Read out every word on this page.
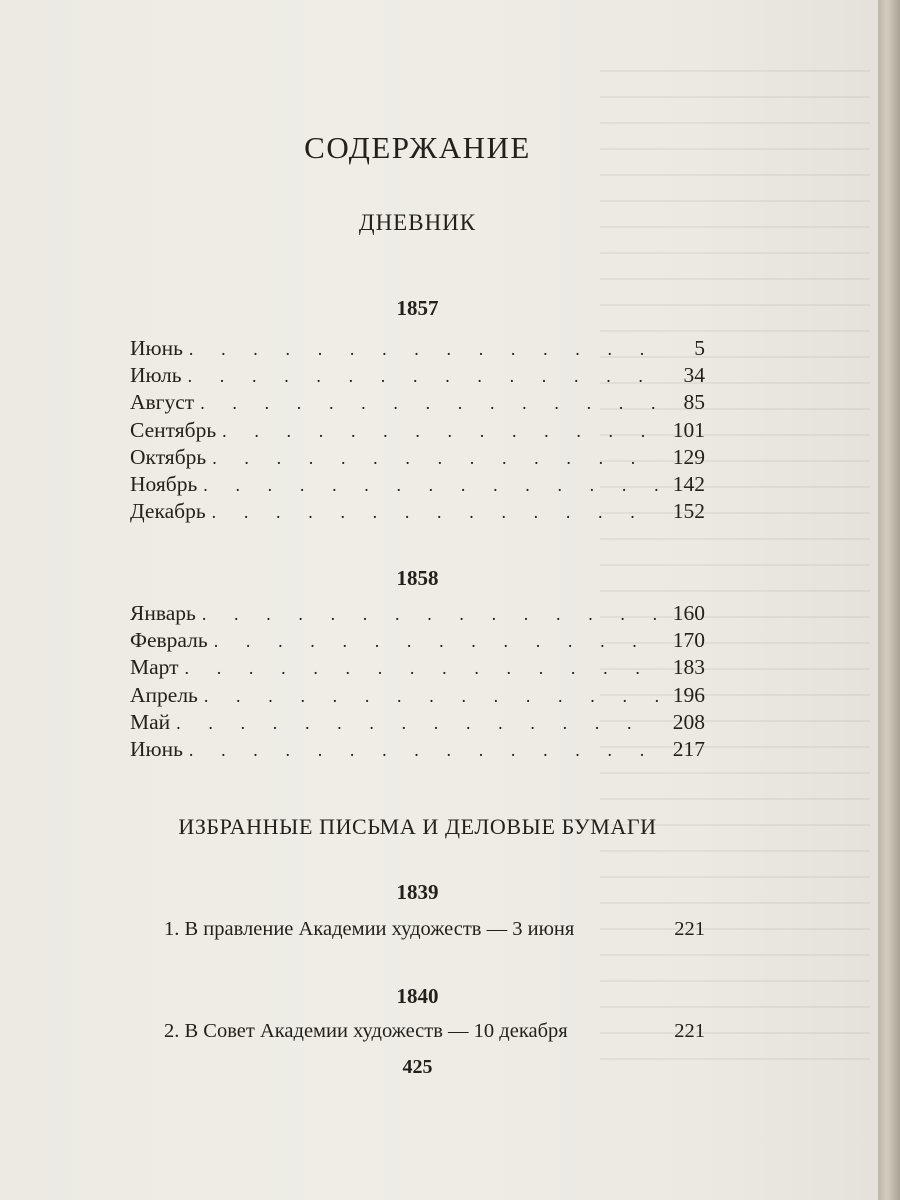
СОДЕРЖАНИЕ
ДНЕВНИК
1857
Июнь . . .	5
Июль . . .	34
Август . . .	85
Сентябрь . . .	101
Октябрь . . .	129
Ноябрь . . .	142
Декабрь . . .	152
1858
Январь . . .	160
Февраль . . .	170
Март . . .	183
Апрель . . .	196
Май . . .	208
Июнь . . .	217
ИЗБРАННЫЕ ПИСЬМА И ДЕЛОВЫЕ БУМАГИ
1839
1. В правление Академии художеств — 3 июня	221
1840
2. В Совет Академии художеств — 10 декабря	221
425
